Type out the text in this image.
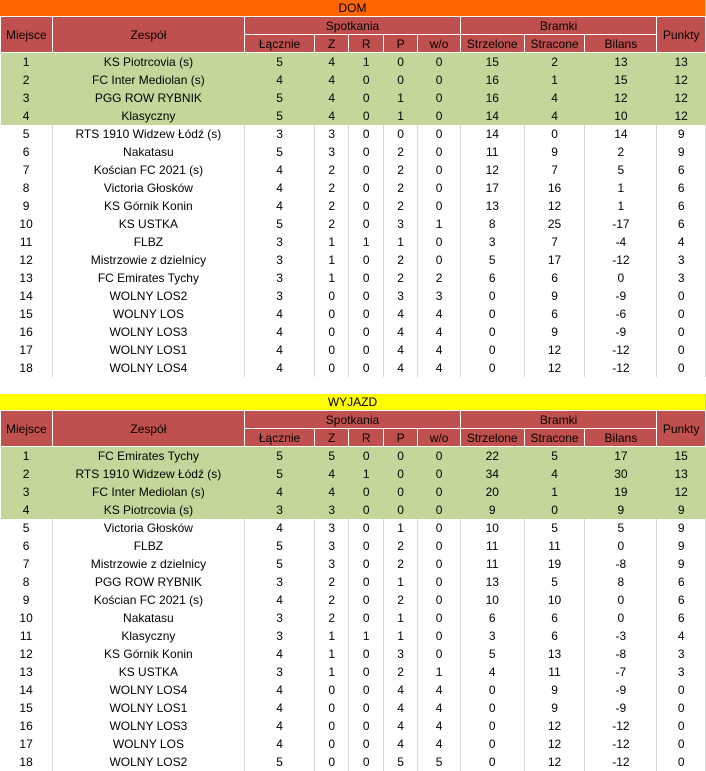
DOM
Miejsce	Zespół	Spotkania					Bramki			Punkty
		Łącznie	Z	R	P	w/o	Strzelone	Stracone	Bilans	
1	KS Piotrcovia (s)	5	4	1	0	0	15	2	13	13
2	FC Inter Mediolan (s)	4	4	0	0	0	16	1	15	12
3	PGG ROW RYBNIK	5	4	0	1	0	16	4	12	12
4	Klasyczny	5	4	0	1	0	14	4	10	12
5	RTS 1910 Widzew Łódź (s)	3	3	0	0	0	14	0	14	9
6	Nakatasu	5	3	0	2	0	11	9	2	9
7	Kościan FC 2021 (s)	4	2	0	2	0	12	7	5	6
8	Victoria Głosków	4	2	0	2	0	17	16	1	6
9	KS Górnik Konin	4	2	0	2	0	13	12	1	6
10	KS USTKA	5	2	0	3	1	8	25	-17	6
11	FLBZ	3	1	1	1	0	3	7	-4	4
12	Mistrzowie z dzielnicy	3	1	0	2	0	5	17	-12	3
13	FC Emirates Tychy	3	1	0	2	2	6	6	0	3
14	WOLNY LOS2	3	0	0	3	3	0	9	-9	0
15	WOLNY LOS	4	0	0	4	4	0	6	-6	0
16	WOLNY LOS3	4	0	0	4	4	0	9	-9	0
17	WOLNY LOS1	4	0	0	4	4	0	12	-12	0
18	WOLNY LOS4	4	0	0	4	4	0	12	-12	0
WYJAZD
Miejsce	Zespół	Spotkania					Bramki			Punkty
		Łącznie	Z	R	P	w/o	Strzelone	Stracone	Bilans	
1	FC Emirates Tychy	5	5	0	0	0	22	5	17	15
2	RTS 1910 Widzew Łódź (s)	5	4	1	0	0	34	4	30	13
3	FC Inter Mediolan (s)	4	4	0	0	0	20	1	19	12
4	KS Piotrcovia (s)	3	3	0	0	0	9	0	9	9
5	Victoria Głosków	4	3	0	1	0	10	5	5	9
6	FLBZ	5	3	0	2	0	11	11	0	9
7	Mistrzowie z dzielnicy	5	3	0	2	0	11	19	-8	9
8	PGG ROW RYBNIK	3	2	0	1	0	13	5	8	6
9	Kościan FC 2021 (s)	4	2	0	2	0	10	10	0	6
10	Nakatasu	3	2	0	1	0	6	6	0	6
11	Klasyczny	3	1	1	1	0	3	6	-3	4
12	KS Górnik Konin	4	1	0	3	0	5	13	-8	3
13	KS USTKA	3	1	0	2	1	4	11	-7	3
14	WOLNY LOS4	4	0	0	4	4	0	9	-9	0
15	WOLNY LOS1	4	0	0	4	4	0	9	-9	0
16	WOLNY LOS3	4	0	0	4	4	0	12	-12	0
17	WOLNY LOS	4	0	0	4	4	0	12	-12	0
18	WOLNY LOS2	5	0	0	5	5	0	12	-12	0
